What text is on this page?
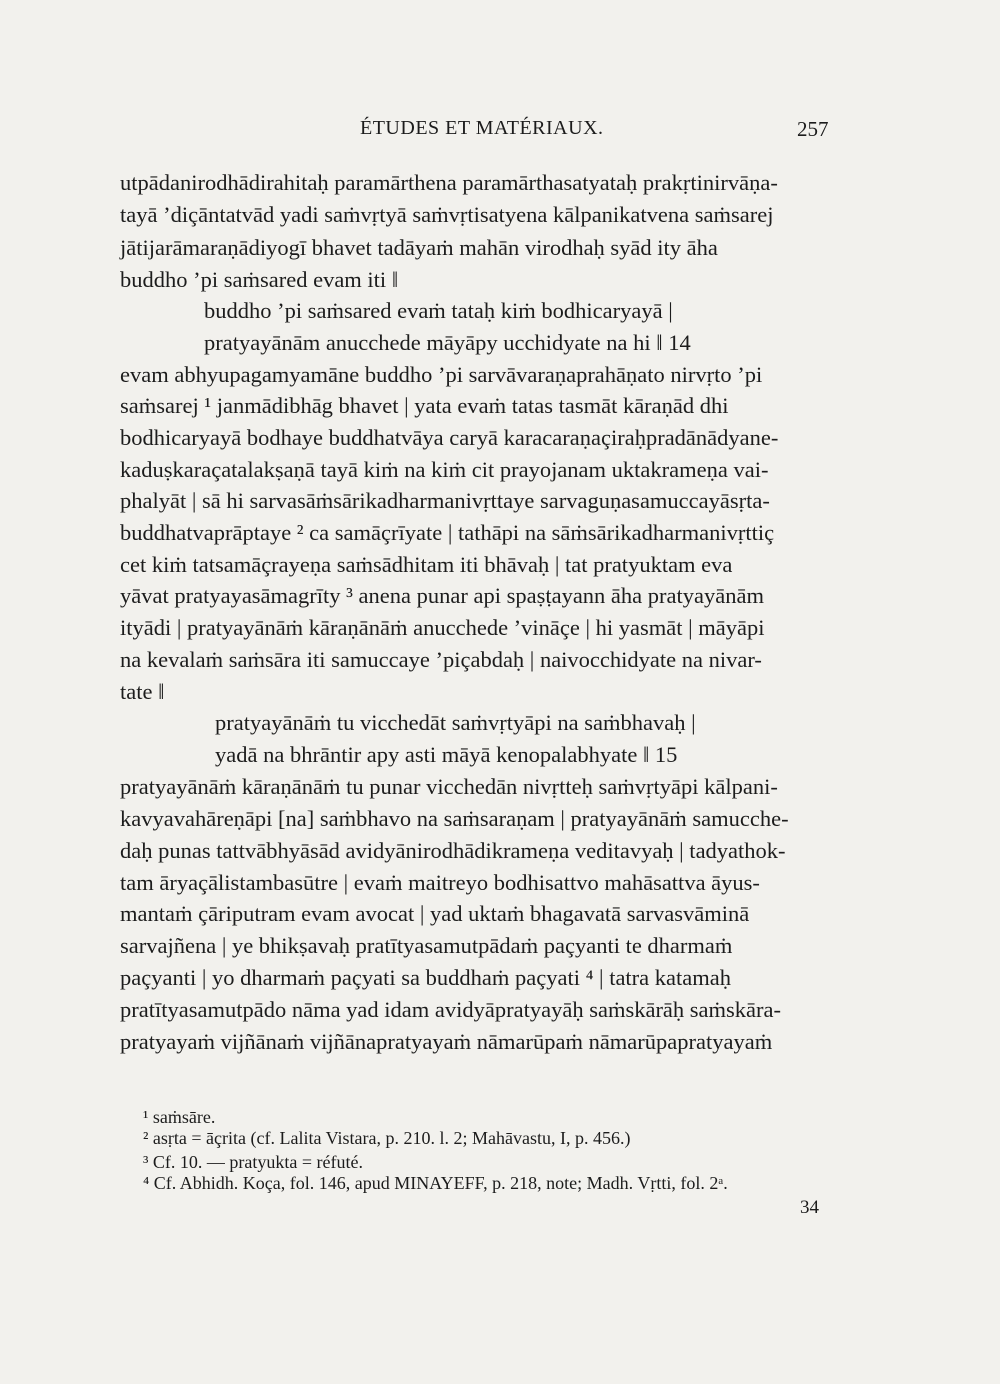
ÉTUDES ET MATÉRIAUX.	257
utpādanirodhādirahitaḥ paramārthena paramārthasatyataḥ prakṛtinirvāṇa-
tayā ’diçāntatvād yadi saṁvṛtyā saṁvṛtisatyena kālpanikatvena saṁsarej
jātijarāmaraṇādiyogī bhavet tadāyaṁ mahān virodhaḥ syād ity āha
buddho ’pi saṁsared evam iti ‖
buddho ’pi saṁsared evaṁ tataḥ kiṁ bodhicaryayā |
pratyayānām anucchede māyāpy ucchidyate na hi ‖ 14
evam abhyupagamyamāne buddho ’pi sarvāvaraṇaprahāṇato nirvṛto ’pi
saṁsarej ¹ janmādibhāg bhavet | yata evaṁ tatas tasmāt kāraṇād dhi
bodhicaryayā bodhaye buddhatvāya caryā karacaraṇaçiraḥpradānādyane-
kaduṣkaraçatalakṣaṇā tayā kiṁ na kiṁ cit prayojanam uktakrameṇa vai-
phalyāt | sā hi sarvasāṁsārikadharmanivṛttaye sarvaguṇasamuccayāsṛta-
buddhatvaprāptaye ² ca samāçrīyate | tathāpi na sāṁsārikadharmanivṛttiç
cet kiṁ tatsamāçrayeṇa saṁsādhitam iti bhāvaḥ | tat pratyuktam eva
yāvat pratyayasāmagrīty ³ anena punar api spaṣṭayann āha pratyayānām
ityādi | pratyayānāṁ kāraṇānāṁ anucchede ’vināçe | hi yasmāt | māyāpi
na kevalaṁ saṁsāra iti samuccaye ’piçabdaḥ | naivocchidyate na nivar-
tate ‖
pratyayānāṁ tu vicchedāt saṁvṛtyāpi na saṁbhavaḥ |
yadā na bhrāntir apy asti māyā kenopalabhyate ‖ 15
pratyayānāṁ kāraṇānāṁ tu punar vicchedān nivṛtteḥ saṁvṛtyāpi kālpani-
kavyavahāreṇāpi [na] saṁbhavo na saṁsaraṇam | pratyayānāṁ samucche-
daḥ punas tattvābhyāsād avidyānirodhādikrameṇa veditavyaḥ | tadyathok-
tam āryaçālistambasūtre | evaṁ maitreyo bodhisattvo mahāsattva āyus-
mantaṁ çāriputram evam avocat | yad uktaṁ bhagavatā sarvasvāminā
sarvajñena | ye bhikṣavaḥ pratītyasamutpādaṁ paçyanti te dharmaṁ
paçyanti | yo dharmaṁ paçyati sa buddhaṁ paçyati ⁴ | tatra katamaḥ
pratītyasamutpādo nāma yad idam avidyāpratyayāḥ saṁskārāḥ saṁskāra-
pratyayaṁ vijñānaṁ vijñānapratyayaṁ nāmarūpaṁ nāmarūpapratyayaṁ
¹ saṁsāre.
² asṛta = āçrita (cf. Lalita Vistara, p. 210. l. 2; Mahāvastu, I, p. 456.)
³ Cf. 10. — pratyukta = réfuté.
⁴ Cf. Abhidh. Koça, fol. 146, apud MINAYEFF, p. 218, note; Madh. Vṛtti, fol. 2ᵃ.
34
